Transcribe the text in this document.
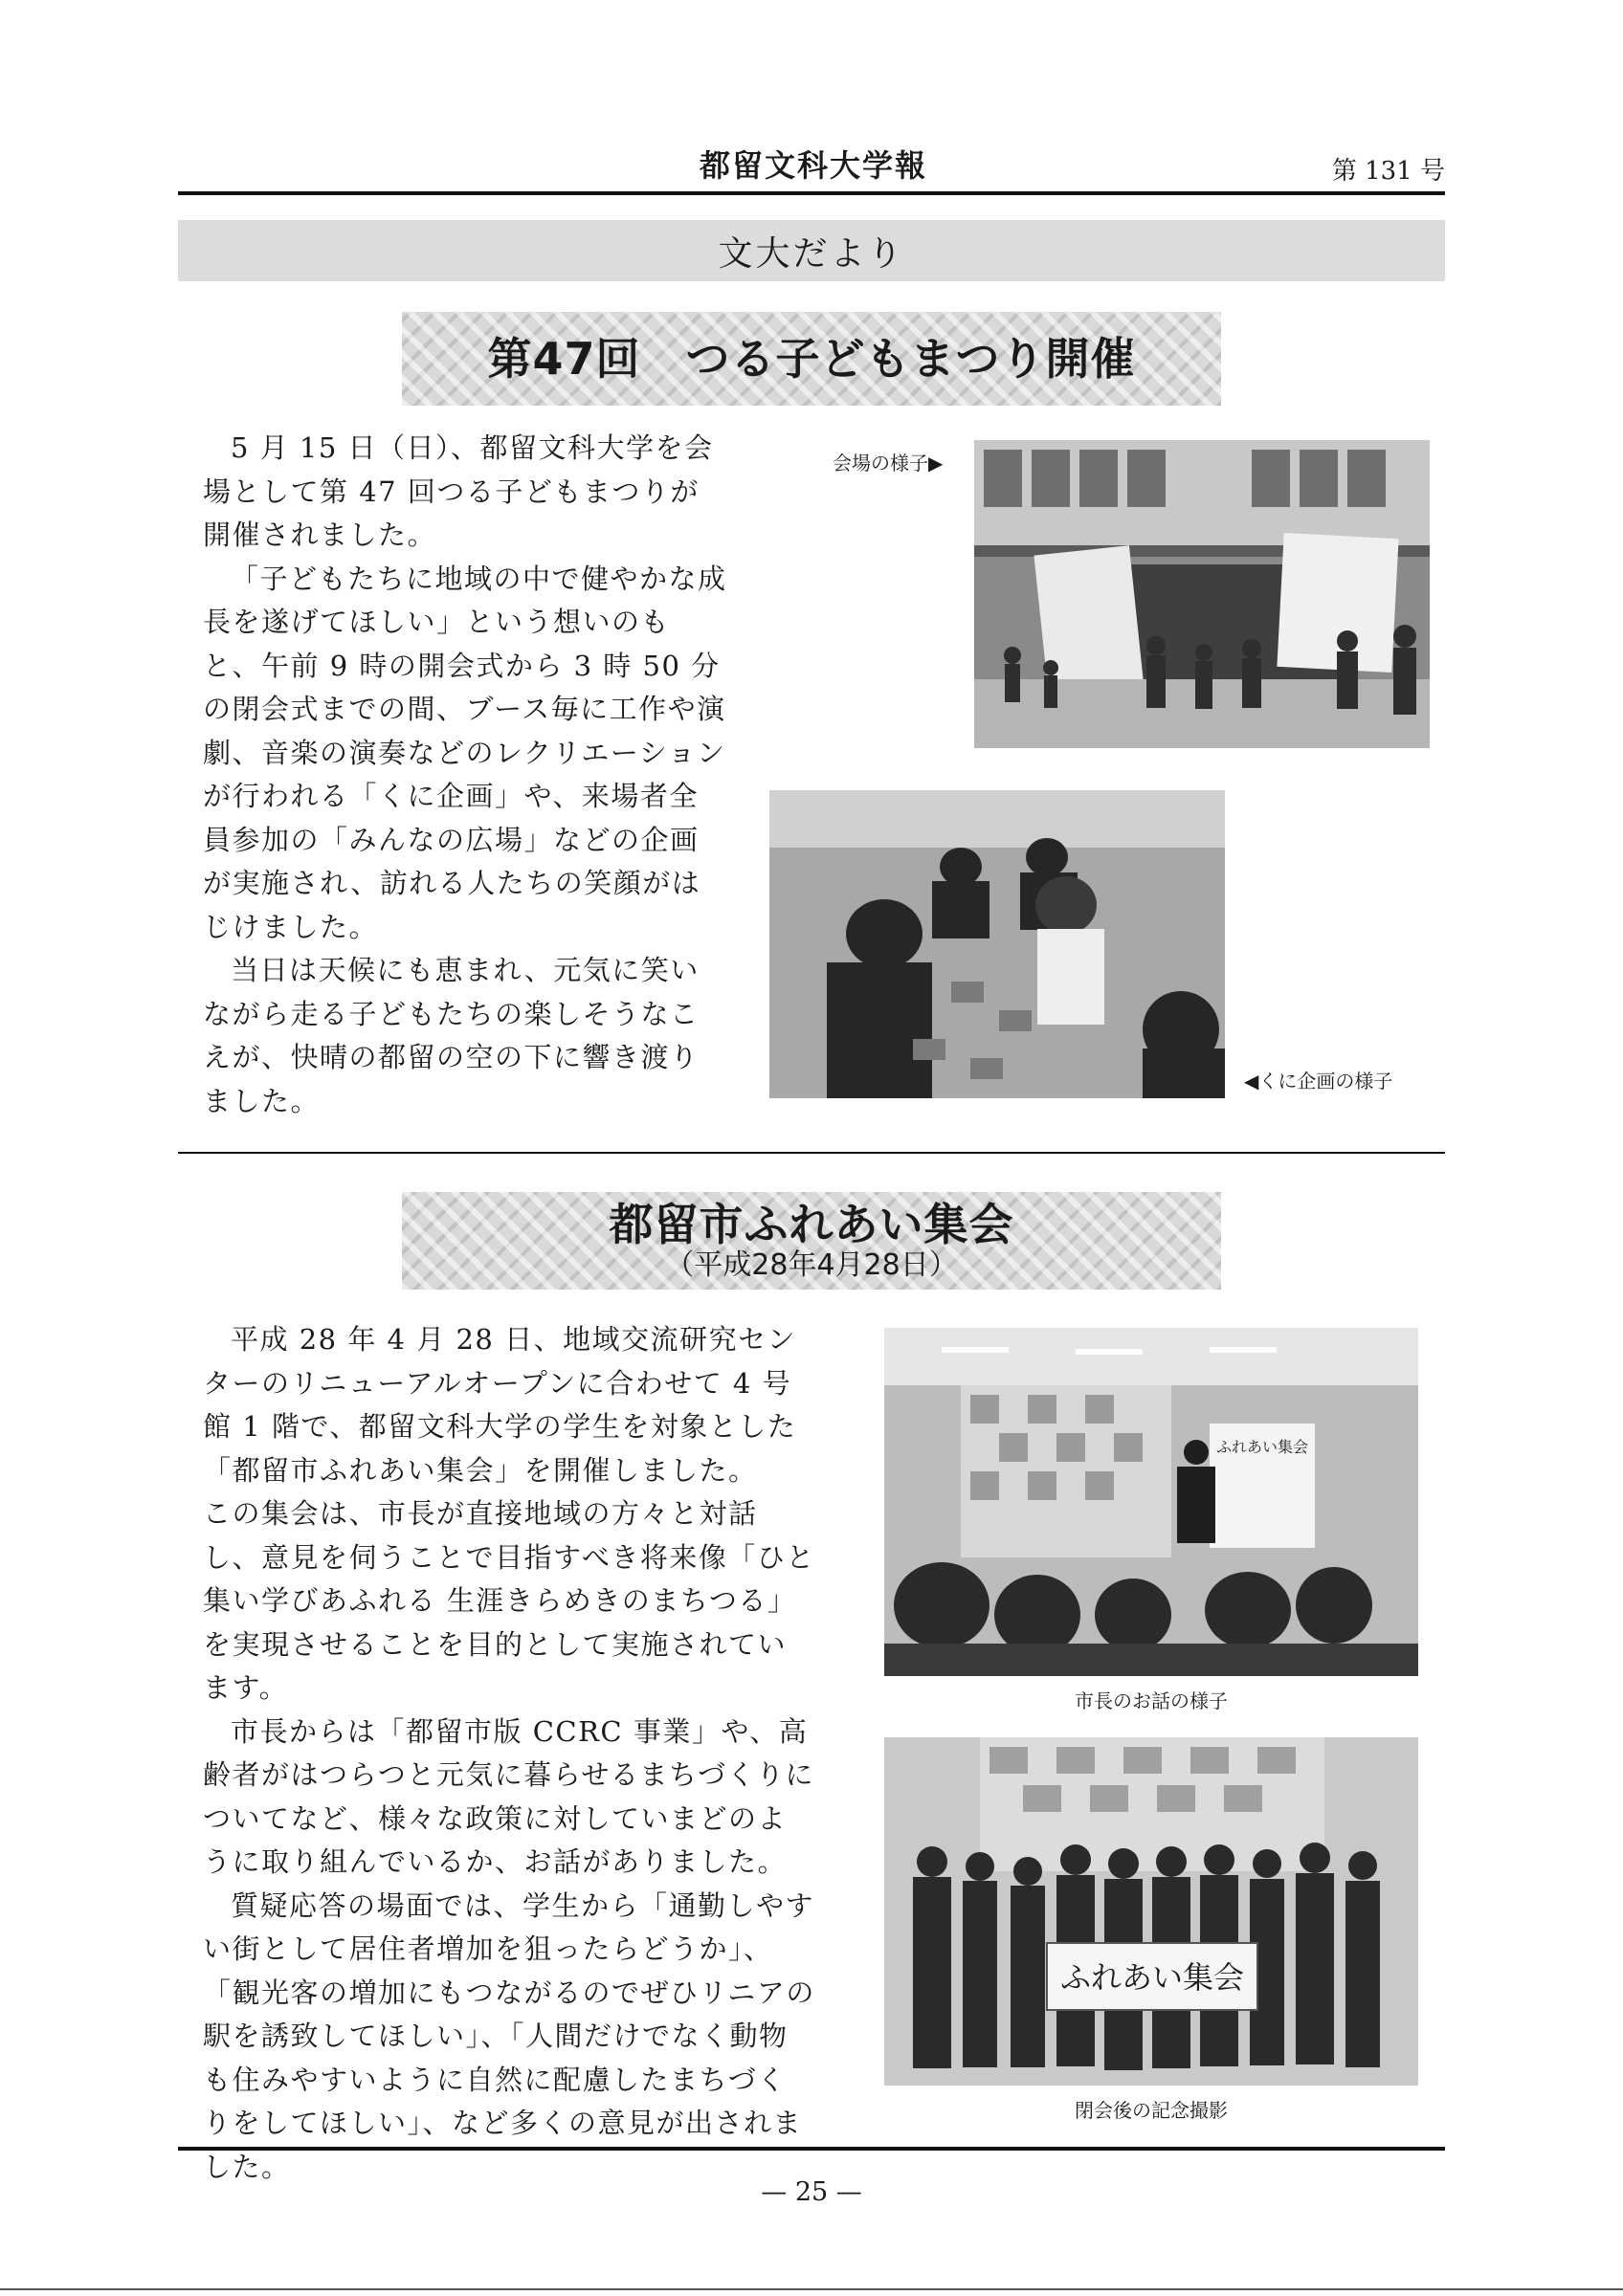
都留文科大学報	第 131 号
文大だより
第47回　つる子どもまつり開催

5 月 15 日（日）、都留文科大学を会場として第 47 回つる子どもまつりが開催されました。

「子どもたちに地域の中で健やかな成長を遂げてほしい」という想いのもと、午前 9 時の開会式から 3 時 50 分の閉会式までの間、ブース毎に工作や演劇、音楽の演奏などのレクリエーションが行われる「くに企画」や、来場者全員参加の「みんなの広場」などの企画が実施され、訪れる人たちの笑顔がはじけました。

当日は天候にも恵まれ、元気に笑いながら走る子どもたちの楽しそうなこえが、快晴の都留の空の下に響き渡りました。

会場の様子▶
◀くに企画の様子
都留市ふれあい集会
（平成28年4月28日）

平成 28 年 4 月 28 日、地域交流研究センターのリニューアルオープンに合わせて 4 号館 1 階で、都留文科大学の学生を対象とした「都留市ふれあい集会」を開催しました。

この集会は、市長が直接地域の方々と対話し、意見を伺うことで目指すべき将来像「ひと集い学びあふれる 生涯きらめきのまちつる」を実現させることを目的として実施されています。

市長からは「都留市版 CCRC 事業」や、高齢者がはつらつと元気に暮らせるまちづくりについてなど、様々な政策に対していまどのように取り組んでいるか、お話がありました。

質疑応答の場面では、学生から「通勤しやすい街として居住者増加を狙ったらどうか」、「観光客の増加にもつながるのでぜひリニアの駅を誘致してほしい」、「人間だけでなく動物も住みやすいように自然に配慮したまちづくりをしてほしい」、など多くの意見が出されました。

ふれあい集会
市長のお話の様子
ふれあい集会
閉会後の記念撮影
— 25 —
